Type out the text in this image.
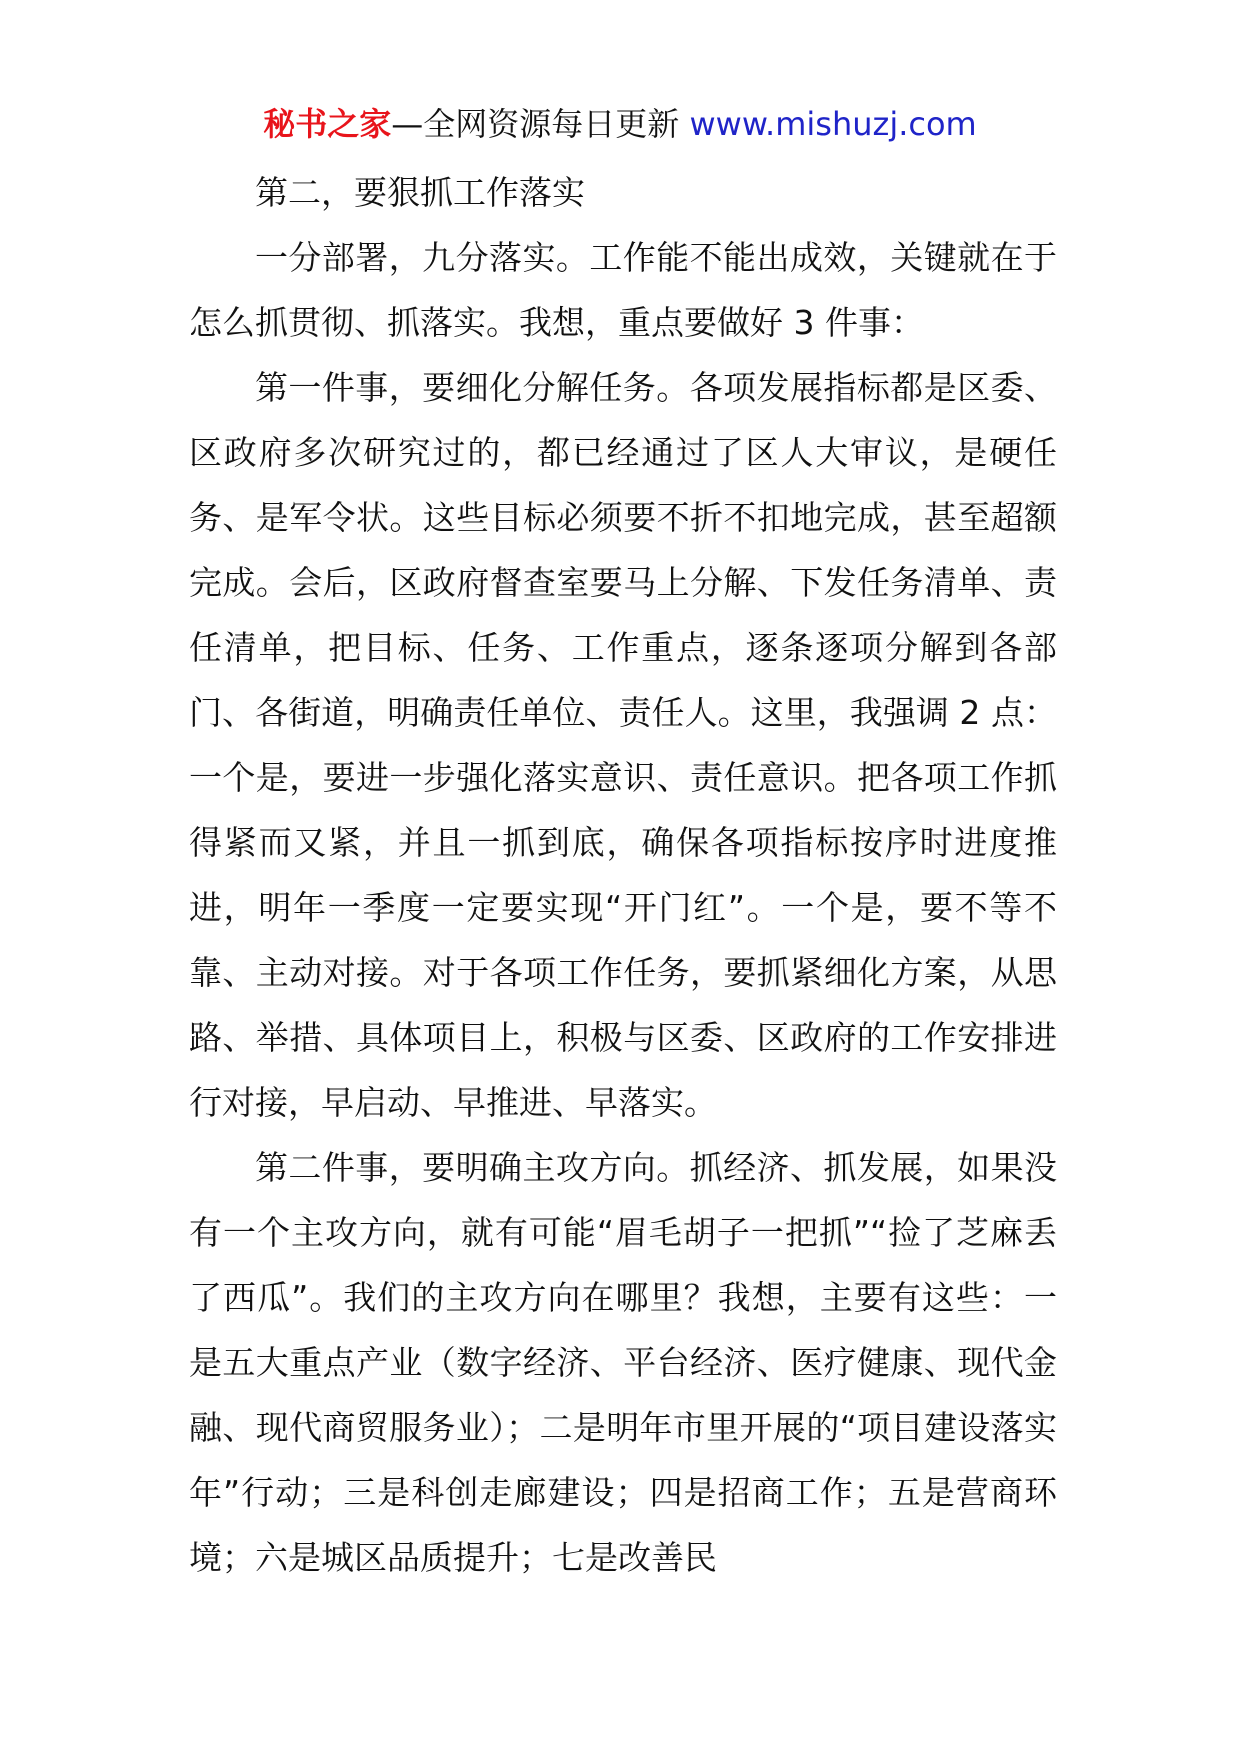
秘书之家—全网资源每日更新 www.mishuzj.com

第二，要狠抓工作落实

一分部署，九分落实。工作能不能出成效，关键就在于怎么抓贯彻、抓落实。我想，重点要做好 3 件事：

第一件事，要细化分解任务。各项发展指标都是区委、区政府多次研究过的，都已经通过了区人大审议，是硬任务、是军令状。这些目标必须要不折不扣地完成，甚至超额完成。会后，区政府督查室要马上分解、下发任务清单、责任清单，把目标、任务、工作重点，逐条逐项分解到各部门、各街道，明确责任单位、责任人。这里，我强调 2 点：一个是，要进一步强化落实意识、责任意识。把各项工作抓得紧而又紧，并且一抓到底，确保各项指标按序时进度推进，明年一季度一定要实现“开门红”。一个是，要不等不靠、主动对接。对于各项工作任务，要抓紧细化方案，从思路、举措、具体项目上，积极与区委、区政府的工作安排进行对接，早启动、早推进、早落实。

第二件事，要明确主攻方向。抓经济、抓发展，如果没有一个主攻方向，就有可能“眉毛胡子一把抓”“捡了芝麻丢了西瓜”。我们的主攻方向在哪里？我想，主要有这些：一是五大重点产业（数字经济、平台经济、医疗健康、现代金融、现代商贸服务业）；二是明年市里开展的“项目建设落实年”行动；三是科创走廊建设；四是招商工作；五是营商环境；六是城区品质提升；七是改善民
